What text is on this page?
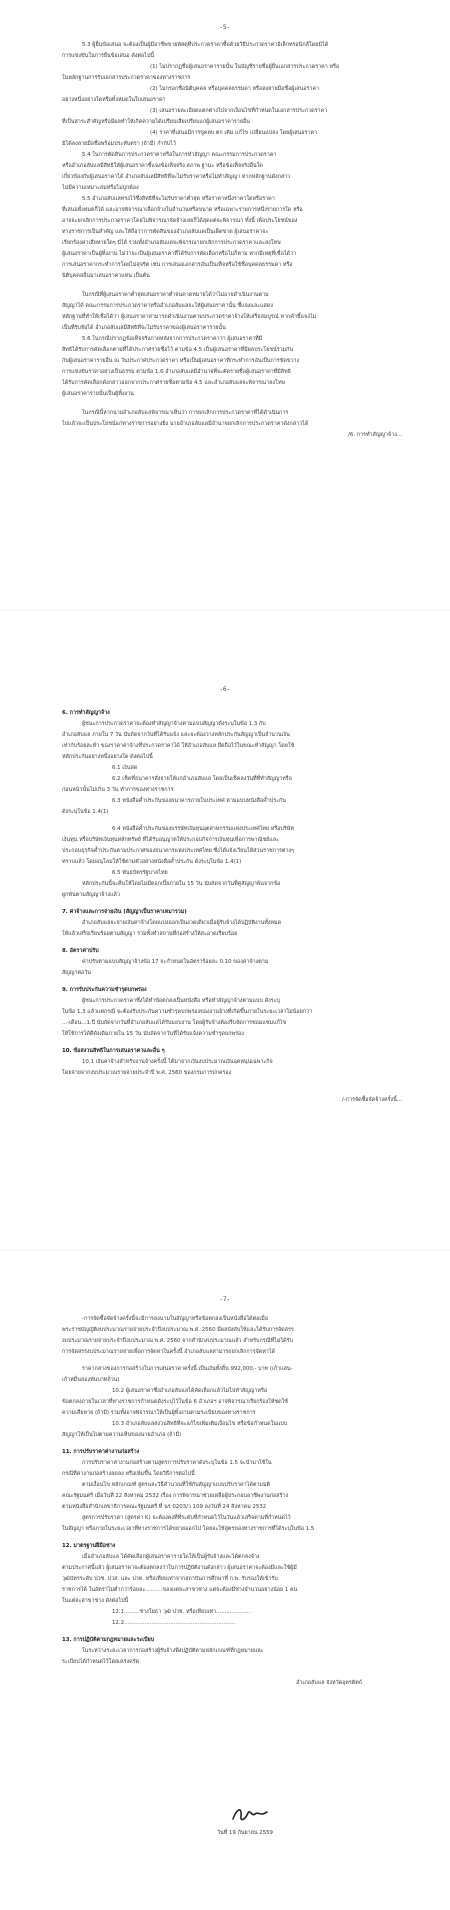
-5-
5.3 ผู้ยื่นข้อเสนอ จะต้องเป็นผู้มีอาชีพขายพัสดุที่ประกวดราคาซื้อด้วยวิธีประกวดราคาอิเล็กทรอนิกส์โดยมิได้
การแข่งขันในการยื่นข้อเสนอ ดังต่อไปนี้
(1) ไม่ปรากฏชื่อผู้เสนอราคารายนั้น ในบัญชีรายชื่อผู้ยื่นเอกสารประกวดราคา หรือ
ในหลักฐานการรับเอกสารประกวดราคาของทางราชการ
(2) ไม่กรอกชื่อนิติบุคคล หรือบุคคลธรรมดา หรือลงลายมือชื่อผู้เสนอราคา
อย่างหนึ่งอย่างใดหรือทั้งหมดในใบเสนอราคา
(3) เสนอรายละเอียดแตกต่างไปจากเงื่อนไขที่กำหนดในเอกสารประกวดราคา
ที่เป็นสาระสำคัญหรือมีผลทำให้เกิดความได้เปรียบเสียเปรียบแก่ผู้เสนอราคารายอื่น
(4) ราคาที่เสนอมีการขูดลบ ตก เติม แก้ไข เปลี่ยนแปลง โดยผู้เสนอราคา
มิได้ลงลายมือชื่อพร้อมประทับตรา (ถ้ามี) กำกับไว้
5.4 ในการตัดสินการประกวดราคาหรือในการทำสัญญา คณะกรรมการประกวดราคา
หรืออำเภอลับแลมีสิทธิให้ผู้เสนอราคาชี้แจงข้อเท็จจริง สภาพ ฐานะ หรือข้อเท็จจริงอื่นใด
เกี่ยวข้องกับผู้เสนอราคาได้ อำเภอลับแลมีสิทธิที่จะไม่รับราคาหรือไม่ทำสัญญา หากหลักฐานดังกล่าว
ไม่มีความเหมาะสมหรือไม่ถูกต้อง
5.5 อำเภอลับแลทรงไว้ซึ่งสิทธิที่จะไม่รับราคาต่ำสุด หรือราคาหนึ่งราคาใดหรือราคา
ที่เสนอทั้งหมดก็ได้ และอาจพิจารณาเลือกจ้างในจำนวนหรือขนาด หรือเฉพาะรายการหนึ่งรายการใด หรือ
อาจจะยกเลิกการประกวดราคาโดยไม่พิจารณาจัดจ้างเลยก็ได้สุดแต่จะพิจารณา ทั้งนี้ เพื่อประโยชน์ของ
ทางราชการเป็นสำคัญ และให้ถือว่าการตัดสินของอำเภอลับแลเป็นเด็ดขาด ผู้เสนอราคาจะ
เรียกร้องค่าเสียหายใดๆ มิได้ รวมทั้งอำเภอลับแลจะพิจารณายกเลิกการประกวดราคาและลงโทษ
ผู้เสนอราคาเป็นผู้ทิ้งงาน ไม่ว่าจะเป็นผู้เสนอราคาที่ได้รับการคัดเลือกหรือไม่ก็ตาม หากมีเหตุที่เชื่อได้ว่า
การเสนอราคากระทำการโดยไม่สุจริต เช่น การเสนอเอกสารอันเป็นเท็จหรือใช้ชื่อบุคคลธรรมดา หรือ
นิติบุคคลอื่นมาเสนอราคาแทน เป็นต้น
ในกรณีที่ผู้เสนอราคาต่ำสุดเสนอราคาต่ำจนคาดหมายได้ว่าไม่อาจดำเนินงานตาม
สัญญาได้ คณะกรรมการประกวดราคาหรืออำเภอลับแลจะให้ผู้เสนอราคานั้น ชี้แจงและแสดง
หลักฐานที่ทำให้เชื่อได้ว่า ผู้เสนอราคาสามารถดำเนินงานตามประกวดราคาจ้างให้เสร็จสมบูรณ์ หากคำชี้แจงไม่
เป็นที่รับฟังได้ อำเภอลับแลมีสิทธิที่จะไม่รับราคาของผู้เสนอราคารายนั้น
5.6 ในกรณีปรากฏข้อเท็จจริงภายหลังจากการประกวดราคาว่า ผู้เสนอราคาที่มี
สิทธิได้รับการคัดเลือกตามที่ได้ประกาศรายชื่อไว้ ตามข้อ 4.5 เป็นผู้เสนอราคาที่มีผลประโยชน์ร่วมกัน
กับผู้เสนอราคารายอื่น ณ วันประกาศประกวดราคา หรือเป็นผู้เสนอราคาที่กระทำการอันเป็นการขัดขวาง
การแข่งขันราคาอย่างเป็นธรรม ตามข้อ 1.6 อำเภอลับแลมีอำนาจที่จะตัดรายชื่อผู้เสนอราคาที่มีสิทธิ
ได้รับการคัดเลือกดังกล่าวออกจากประกาศรายชื่อตามข้อ 4.5 และอำเภอลับแลจะพิจารณาลงโทษ
ผู้เสนอราคารายนั้นเป็นผู้ทิ้งงาน
ในกรณีนี้หากนายอำเภอลับแลพิจารณาเห็นว่า การยกเลิกการประกวดราคาที่ได้ดำเนินการ
ไปแล้วจะเป็นประโยชน์แก่ทางราชการอย่างยิ่ง นายอำเภอลับแลมีอำนาจยกเลิกการประกวดราคาดังกล่าวได้
/6. การทำสัญญาจ้าง...
-6-
6. การทำสัญญาจ้าง
ผู้ชนะการประกวดราคาจะต้องทำสัญญาจ้างตามแบบสัญญาดังระบุในข้อ 1.3 กับ
อำเภอลับแล ภายใน 7 วัน นับถัดจากวันที่ได้รับแจ้ง และจะต้องวางหลักประกันสัญญาเป็นจำนวนเงิน
เท่ากับร้อยละห้า ของราคาค่าจ้างที่ประกวดราคาได้ ให้อำเภอลับแล ยึดถือไว้ในขณะทำสัญญา โดยใช้
หลักประกันอย่างหนึ่งอย่างใด ดังต่อไปนี้
6.1 เงินสด
6.2 เช็คที่ธนาคารสั่งจ่ายให้แก่อำเภอลับแล โดยเป็นเช็คลงวันที่ที่ทำสัญญาหรือ
ก่อนหน้านั้นไม่เกิน 3 วัน ทำการของทางราชการ
6.3 หนังสือค้ำประกันของธนาคารภายในประเทศ ตามแบบหนังสือค้ำประกัน
ดังระบุในข้อ 1.4(1)
6.4 หนังสือค้ำประกันของบรรษัทเงินทุนอุตสาหกรรมแห่งประเทศไทย หรือบริษัท
เงินทุน หรือบริษัทเงินทุนหลักทรัพย์ ที่ได้รับอนุญาตให้ประกอบกิจการเงินทุนเพื่อการพาณิชย์และ
ประกอบธุรกิจค้ำประกันตามประกาศของธนาคารแห่งประเทศไทย ซึ่งได้แจ้งเวียนให้ส่วนราชการต่างๆ
ทราบแล้ว โดยอนุโลมให้ใช้ตามตัวอย่างหนังสือค้ำประกัน ดังระบุในข้อ 1.4(1)
6.5 พันธบัตรรัฐบาลไทย
หลักประกันนี้จะคืนให้โดยไม่มีดอกเบี้ยภายใน 15 วัน นับถัดจากวันที่คู่สัญญาพ้นจากข้อ
ผูกพันตามสัญญาจ้างแล้ว
7. ค่าจ้างและการจ่ายเงิน (สัญญาเป็นราคาเหมารวม)
อำเภอลับแลจะจ่ายเงินค่าจ้างโดยแบ่งออกเป็นงวดเดียวเมื่อผู้รับจ้างได้ปฏิบัติงานทั้งหมด
ให้แล้วเสร็จเรียบร้อยตามสัญญา รวมทั้งทำสถานที่ก่อสร้างให้สะอาดเรียบร้อย
8. อัตราค่าปรับ
ค่าปรับตามแบบสัญญาจ้างข้อ 17 จะกำหนดในอัตราร้อยละ 0.10 ของค่าจ้างตาม
สัญญาต่อวัน
9. การรับประกันความชำรุดบกพร่อง
ผู้ชนะการประกวดราคาซึ่งได้ทำข้อตกลงเป็นหนังสือ หรือทำสัญญาจ้างตามแบบ ดังระบุ
ในข้อ 1.3 แล้วแต่กรณี จะต้องรับประกันความชำรุดบกพร่องของงานจ้างที่เกิดขึ้นภายในระยะเวลาไม่น้อยกว่า
...-เดือน...1.ปี นับถัดจากวันที่อำเภอลับแลได้รับมอบงาน โดยผู้รับจ้างต้องรีบจัดการซ่อมแซมแก้ไข
ให้ใช้การได้ดีดังเดิมภายใน 15 วัน นับถัดจากวันที่ได้รับแจ้งความชำรุดบกพร่อง
10. ข้อสงวนสิทธิในการเสนอราคาและอื่น ๆ
10.1 เงินค่าจ้างสำหรับงานจ้างครั้งนี้ ได้มาจากเงินงบประมาณเงินอุดหนุนเฉพาะกิจ
โดยจ่ายจากงบประมาณรายจ่ายประจำปี พ.ศ. 2560 ของกรมการปกครอง
/-การจัดซื้อจัดจ้างครั้งนี้...
-7-
-การจัดซื้อจัดจ้างครั้งนี้จะมีการลงนามในสัญญาหรือข้อตกลงเป็นหนังสือได้ต่อเมื่อ
พระราชบัญญัติงบประมาณรายจ่ายประจำปีงบประมาณ พ.ศ. 2560 มีผลบังคับใช้และได้รับการจัดสรร
งบประมาณรายจ่ายประจำปีงบประมาณ พ.ศ. 2560 จากสำนักงบประมาณแล้ว สำหรับกรณีที่ไม่ได้รับ
การจัดสรรงบประมาณรายจ่ายเพื่อการจัดหาในครั้งนี้ อำเภอลับแลสามารถยกเลิกการจัดหาได้
ราคากลางของการก่อสร้างในการเสนอราคาครั้งนี้ เป็นเงินทั้งสิ้น 992,000.- บาท (เก้าแสน-
เก้าหมื่นสองพันบาทถ้วน)
10.2 ผู้เสนอราคาซึ่งอำเภอลับแลได้คัดเลือกแล้วไม่ไปทำสัญญาหรือ
ข้อตกลงภายในเวลาที่ทางราชการกำหนดดังระบุไว้ในข้อ 6 อำเภอฯ อาจพิจารณาเรียกร้องให้ชดใช้
ความเสียหาย (ถ้ามี) รวมทั้งอาจพิจารณาให้เป็นผู้ทิ้งงานตามระเบียบของทางราชการ
10.3 อำเภอลับแลสงวนสิทธิที่จะแก้ไขเพิ่มเติมเงื่อนไข หรือข้อกำหนดในแบบ
สัญญาให้เป็นไปตามความเห็นของนายอำเภอ (ถ้ามี)
11. การปรับราคาค่างานก่อสร้าง
การปรับราคาค่างานก่อสร้างตามสูตรการปรับราคาดังระบุในข้อ 1.5 จะนำมาใช้ใน
กรณีที่ค่างานก่อสร้างลดลง หรือเพิ่มขึ้น โดยวิธีการต่อไปนี้
ตามเงื่อนไข หลักเกณฑ์ สูตรและวิธีคำนวณที่ใช้กับสัญญาแบบปรับราคาได้ตามมติ
คณะรัฐมนตรี เมื่อวันที่ 22 สิงหาคม 2532 เรื่อง การพิจารณาช่วยเหลือผู้ประกอบอาชีพงานก่อสร้าง
ตามหนังสือสำนักเลขาธิการคณะรัฐมนตรี ที่ นร 0203/ว 109 ลงวันที่ 24 สิงหาคม 2532
สูตรการปรับราคา (สูตรค่า K) จะต้องคงที่ที่ระดับที่กำหนดไว้ในวันแล้วเสร็จตามที่กำหนดไว้
ในสัญญา หรือภายในระยะเวลาที่ทางราชการได้ขยายออกไป โดยจะใช้สูตรของทางราชการที่ได้ระบุในข้อ 1.5
12. มาตรฐานฝีมือช่าง
เมื่ออำเภอลับแล ได้คัดเลือกผู้เสนอราคารายใดให้เป็นผู้รับจ้างและได้ตกลงจ้าง
ตามประกาศนี้แล้ว ผู้เสนอราคาจะต้องตกลงว่าในการปฏิบัติงานดังกล่าว ผู้เสนอราคาจะต้องมีและใช้ผู้มี
วุฒิบัตรระดับ ปวช. ปวส. และ ปวท. หรือเทียบเท่าจากสถาบันการศึกษาที่ ก.พ. รับรองให้เข้ารับ
ราชการได้ ในอัตราไม่ต่ำกว่าร้อยละ..........ของแต่ละสาขาช่าง แต่จะต้องมีช่างจำนวนอย่างน้อย 1 คน
ในแต่ละสาขาช่าง ดังต่อไปนี้
12.1.........ช่างโยธา วุฒิ ปวช. หรือเทียบเท่า....................
12.2.................................................................
13. การปฏิบัติตามกฎหมายและระเบียบ
ในระหว่างระยะเวลาการก่อสร้างผู้รับจ้างพึงปฏิบัติตามหลักเกณฑ์ที่กฎหมายและ
ระเบียบได้กำหนดไว้โดยเคร่งครัด
อำเภอลับแล จังหวัดอุตรดิตถ์
วันที่ 19 กันยายน 2559
